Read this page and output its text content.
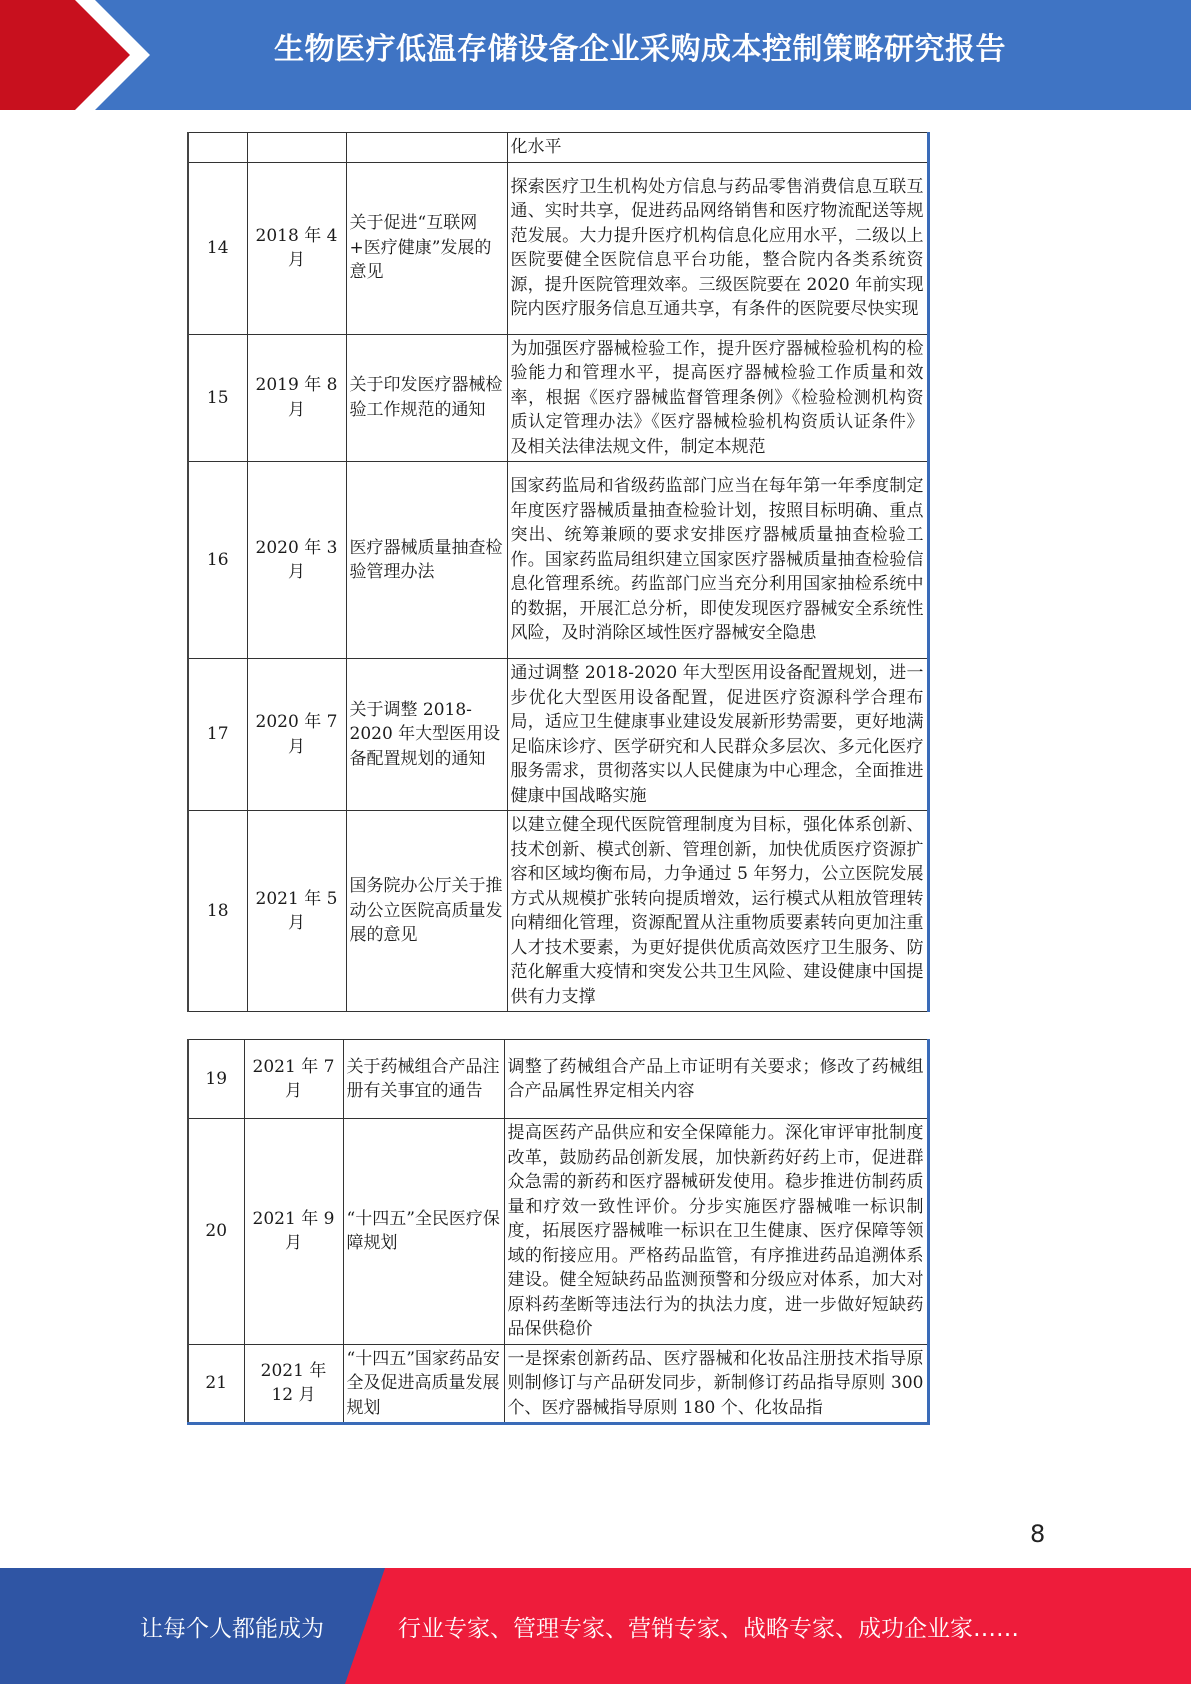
生物医疗低温存储设备企业采购成本控制策略研究报告
			化水平
14	2018 年 4 月	关于促进“互联网+医疗健康”发展的意见	探索医疗卫生机构处方信息与药品零售消费信息互联互通、实时共享，促进药品网络销售和医疗物流配送等规范发展。大力提升医疗机构信息化应用水平，二级以上医院要健全医院信息平台功能，整合院内各类系统资源，提升医院管理效率。三级医院要在 2020 年前实现院内医疗服务信息互通共享，有条件的医院要尽快实现
15	2019 年 8 月	关于印发医疗器械检验工作规范的通知	为加强医疗器械检验工作，提升医疗器械检验机构的检验能力和管理水平，提高医疗器械检验工作质量和效率，根据《医疗器械监督管理条例》《检验检测机构资质认定管理办法》《医疗器械检验机构资质认证条件》及相关法律法规文件，制定本规范
16	2020 年 3 月	医疗器械质量抽查检验管理办法	国家药监局和省级药监部门应当在每年第一年季度制定年度医疗器械质量抽查检验计划，按照目标明确、重点突出、统筹兼顾的要求安排医疗器械质量抽查检验工作。国家药监局组织建立国家医疗器械质量抽查检验信息化管理系统。药监部门应当充分利用国家抽检系统中的数据，开展汇总分析，即使发现医疗器械安全系统性风险，及时消除区域性医疗器械安全隐患
17	2020 年 7 月	关于调整 2018-2020 年大型医用设备配置规划的通知	通过调整 2018-2020 年大型医用设备配置规划，进一步优化大型医用设备配置，促进医疗资源科学合理布局，适应卫生健康事业建设发展新形势需要，更好地满足临床诊疗、医学研究和人民群众多层次、多元化医疗服务需求，贯彻落实以人民健康为中心理念，全面推进健康中国战略实施
18	2021 年 5 月	国务院办公厅关于推动公立医院高质量发展的意见	以建立健全现代医院管理制度为目标，强化体系创新、技术创新、模式创新、管理创新，加快优质医疗资源扩容和区域均衡布局，力争通过 5 年努力，公立医院发展方式从规模扩张转向提质增效，运行模式从粗放管理转向精细化管理，资源配置从注重物质要素转向更加注重人才技术要素，为更好提供优质高效医疗卫生服务、防范化解重大疫情和突发公共卫生风险、建设健康中国提供有力支撑
19	2021 年 7 月	关于药械组合产品注册有关事宜的通告	调整了药械组合产品上市证明有关要求；修改了药械组合产品属性界定相关内容
20	2021 年 9 月	“十四五”全民医疗保障规划	提高医药产品供应和安全保障能力。深化审评审批制度改革，鼓励药品创新发展，加快新药好药上市，促进群众急需的新药和医疗器械研发使用。稳步推进仿制药质量和疗效一致性评价。分步实施医疗器械唯一标识制度，拓展医疗器械唯一标识在卫生健康、医疗保障等领域的衔接应用。严格药品监管，有序推进药品追溯体系建设。健全短缺药品监测预警和分级应对体系，加大对原料药垄断等违法行为的执法力度，进一步做好短缺药品保供稳价
21	2021 年 12 月	“十四五”国家药品安全及促进高质量发展规划	一是探索创新药品、医疗器械和化妆品注册技术指导原则制修订与产品研发同步，新制修订药品指导原则 300 个、医疗器械指导原则 180 个、化妆品指
8
让每个人都能成为	行业专家、管理专家、营销专家、战略专家、成功企业家……
